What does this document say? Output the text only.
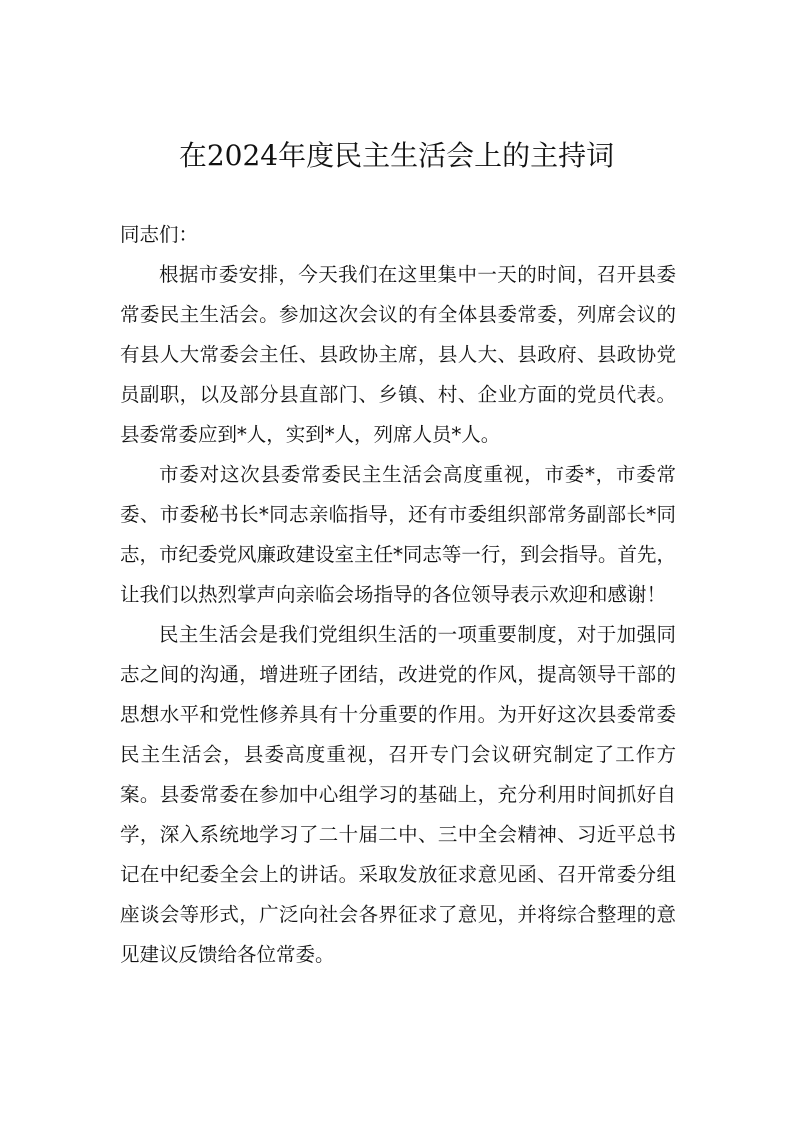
在2024年度民主生活会上的主持词

同志们：

根据市委安排，今天我们在这里集中一天的时间，召开县委常委民主生活会。参加这次会议的有全体县委常委，列席会议的有县人大常委会主任、县政协主席，县人大、县政府、县政协党员副职，以及部分县直部门、乡镇、村、企业方面的党员代表。县委常委应到*人，实到*人，列席人员*人。

市委对这次县委常委民主生活会高度重视，市委*，市委常委、市委秘书长*同志亲临指导，还有市委组织部常务副部长*同志，市纪委党风廉政建设室主任*同志等一行，到会指导。首先，让我们以热烈掌声向亲临会场指导的各位领导表示欢迎和感谢！

民主生活会是我们党组织生活的一项重要制度，对于加强同志之间的沟通，增进班子团结，改进党的作风，提高领导干部的思想水平和党性修养具有十分重要的作用。为开好这次县委常委民主生活会，县委高度重视，召开专门会议研究制定了工作方案。县委常委在参加中心组学习的基础上，充分利用时间抓好自学，深入系统地学习了二十届二中、三中全会精神、习近平总书记在中纪委全会上的讲话。采取发放征求意见函、召开常委分组座谈会等形式，广泛向社会各界征求了意见，并将综合整理的意见建议反馈给各位常委。
